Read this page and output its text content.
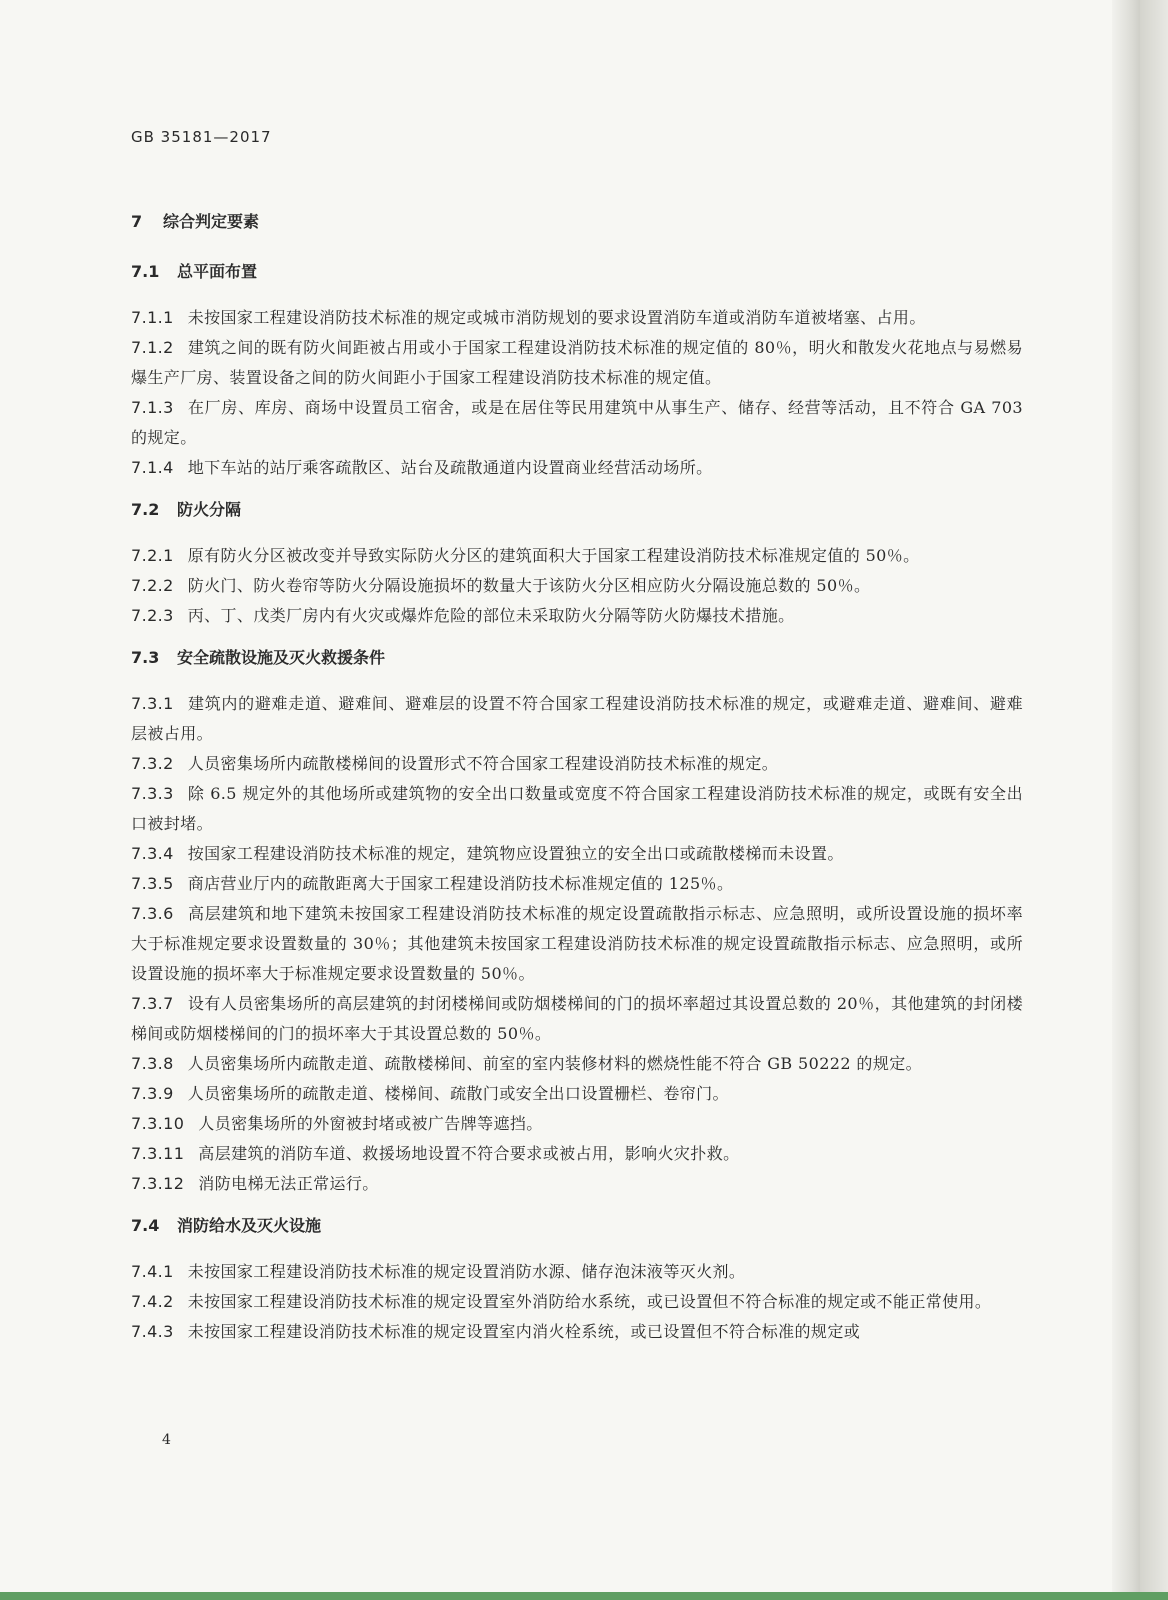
GB 35181—2017
7 综合判定要素
7.1 总平面布置
7.1.1 未按国家工程建设消防技术标准的规定或城市消防规划的要求设置消防车道或消防车道被堵塞、占用。
7.1.2 建筑之间的既有防火间距被占用或小于国家工程建设消防技术标准的规定值的 80％，明火和散发火花地点与易燃易爆生产厂房、装置设备之间的防火间距小于国家工程建设消防技术标准的规定值。
7.1.3 在厂房、库房、商场中设置员工宿舍，或是在居住等民用建筑中从事生产、储存、经营等活动，且不符合 GA 703 的规定。
7.1.4 地下车站的站厅乘客疏散区、站台及疏散通道内设置商业经营活动场所。
7.2 防火分隔
7.2.1 原有防火分区被改变并导致实际防火分区的建筑面积大于国家工程建设消防技术标准规定值的 50％。
7.2.2 防火门、防火卷帘等防火分隔设施损坏的数量大于该防火分区相应防火分隔设施总数的 50％。
7.2.3 丙、丁、戊类厂房内有火灾或爆炸危险的部位未采取防火分隔等防火防爆技术措施。
7.3 安全疏散设施及灭火救援条件
7.3.1 建筑内的避难走道、避难间、避难层的设置不符合国家工程建设消防技术标准的规定，或避难走道、避难间、避难层被占用。
7.3.2 人员密集场所内疏散楼梯间的设置形式不符合国家工程建设消防技术标准的规定。
7.3.3 除 6.5 规定外的其他场所或建筑物的安全出口数量或宽度不符合国家工程建设消防技术标准的规定，或既有安全出口被封堵。
7.3.4 按国家工程建设消防技术标准的规定，建筑物应设置独立的安全出口或疏散楼梯而未设置。
7.3.5 商店营业厅内的疏散距离大于国家工程建设消防技术标准规定值的 125％。
7.3.6 高层建筑和地下建筑未按国家工程建设消防技术标准的规定设置疏散指示标志、应急照明，或所设置设施的损坏率大于标准规定要求设置数量的 30％；其他建筑未按国家工程建设消防技术标准的规定设置疏散指示标志、应急照明，或所设置设施的损坏率大于标准规定要求设置数量的 50％。
7.3.7 设有人员密集场所的高层建筑的封闭楼梯间或防烟楼梯间的门的损坏率超过其设置总数的 20％，其他建筑的封闭楼梯间或防烟楼梯间的门的损坏率大于其设置总数的 50％。
7.3.8 人员密集场所内疏散走道、疏散楼梯间、前室的室内装修材料的燃烧性能不符合 GB 50222 的规定。
7.3.9 人员密集场所的疏散走道、楼梯间、疏散门或安全出口设置栅栏、卷帘门。
7.3.10 人员密集场所的外窗被封堵或被广告牌等遮挡。
7.3.11 高层建筑的消防车道、救援场地设置不符合要求或被占用，影响火灾扑救。
7.3.12 消防电梯无法正常运行。
7.4 消防给水及灭火设施
7.4.1 未按国家工程建设消防技术标准的规定设置消防水源、储存泡沫液等灭火剂。
7.4.2 未按国家工程建设消防技术标准的规定设置室外消防给水系统，或已设置但不符合标准的规定或不能正常使用。
7.4.3 未按国家工程建设消防技术标准的规定设置室内消火栓系统，或已设置但不符合标准的规定或
4
